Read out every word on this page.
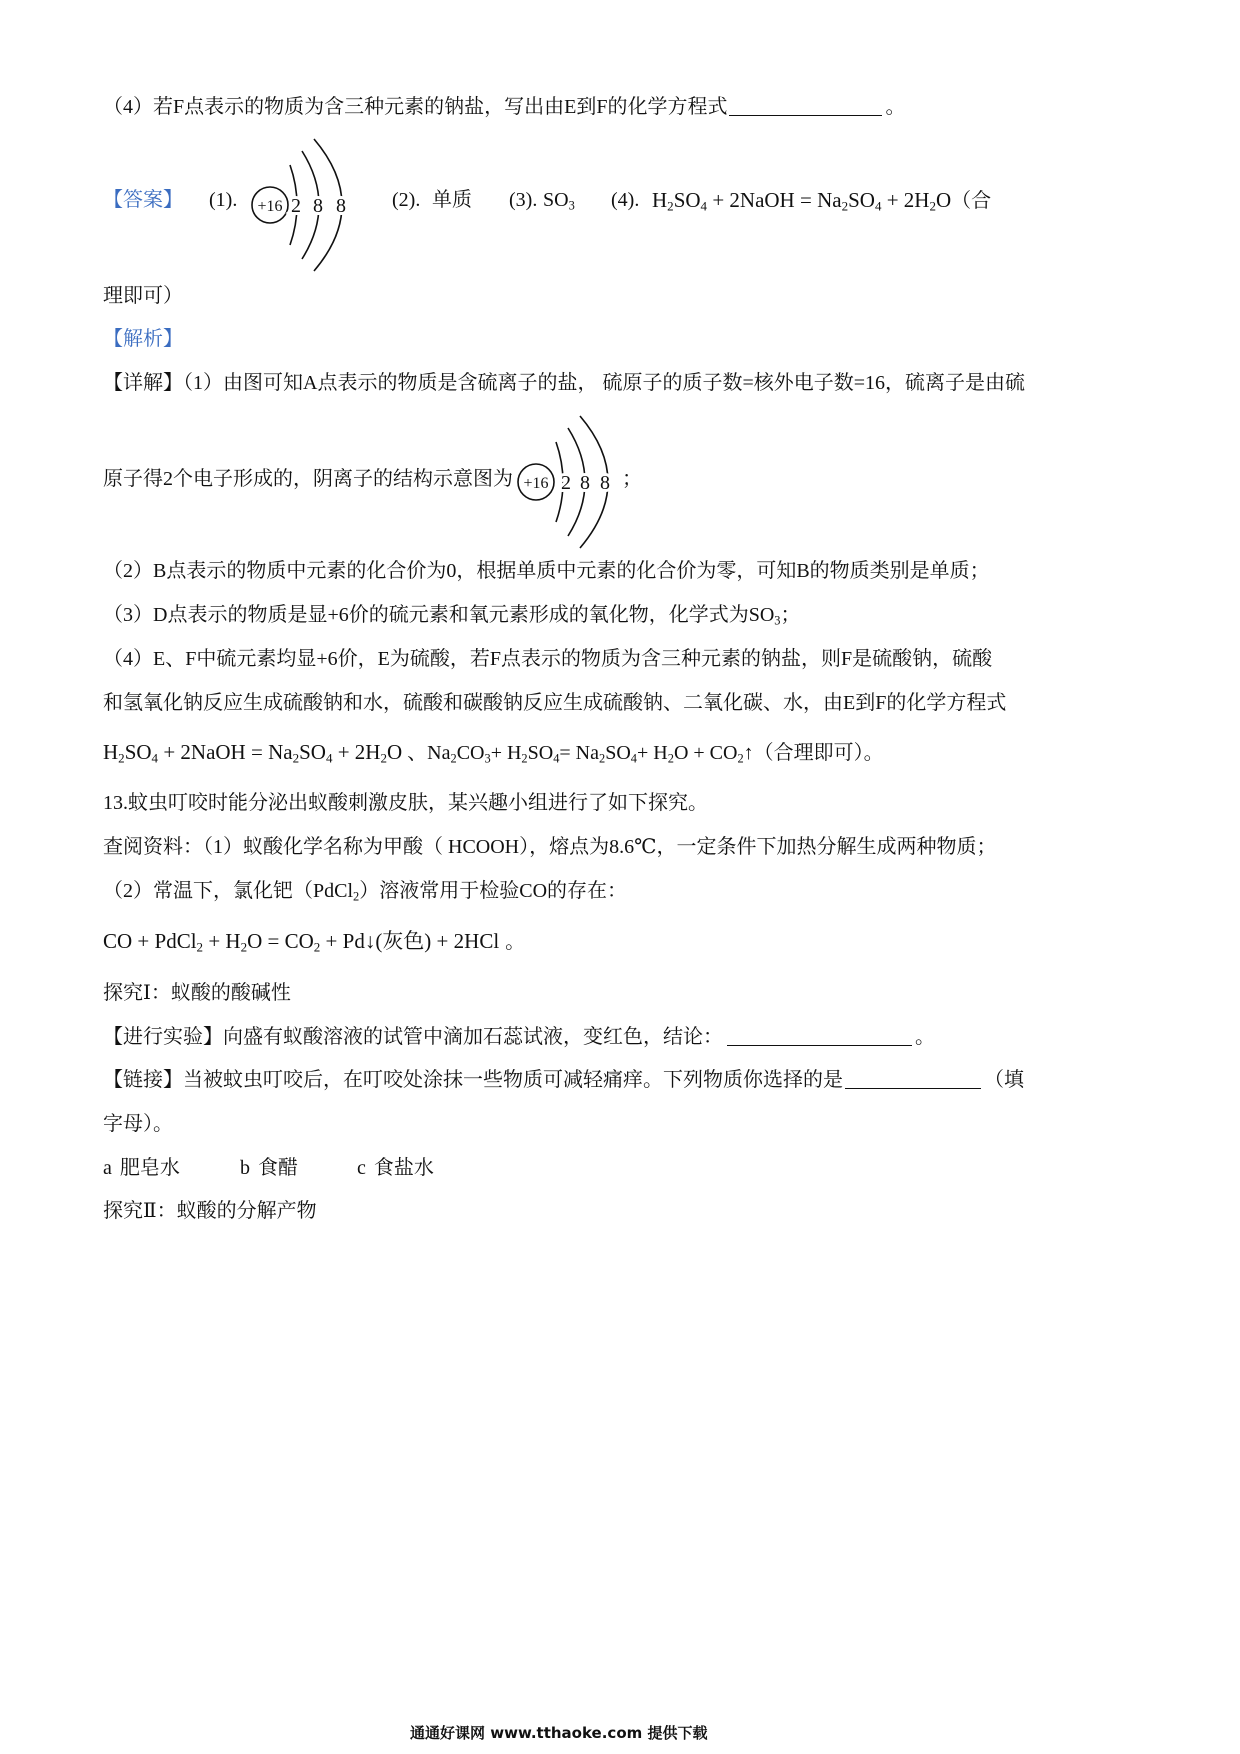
（4）若F点表示的物质为含三种元素的钠盐，写出由E到F的化学方程式	。
【答案】 (1).	(2). 单质 (3). $SO_3$ (4). $H_2SO_4$ + 2NaOH = $Na_2SO_4 + 2H_2O$（合
+16 2 8 8
理即可）
【解析】
【详解】（1）由图可知A点表示的物质是含硫离子的盐， 硫原子的质子数=核外电子数=16，硫离子是由硫
原子得2个电子形成的，阴离子的结构示意图为	；
+16 2 8 8
（2）B点表示的物质中元素的化合价为0，根据单质中元素的化合价为零，可知B的物质类别是单质；
（3）D点表示的物质是显+6价的硫元素和氧元素形成的氧化物，化学式为$SO_3$；
（4）E、F中硫元素均显+6价，E为硫酸，若F点表示的物质为含三种元素的钠盐，则F是硫酸钠，硫酸
和氢氧化钠反应生成硫酸钠和水，硫酸和碳酸钠反应生成硫酸钠、二氧化碳、水，由E到F的化学方程式
$H_2SO_4$ + 2NaOH = $Na_2SO_4 + 2H_2O$ 、$Na_2CO_3+ H_2SO_4= Na_2SO_4+ H_2O$ + $CO_2↑$（合理即可）。
13.蚊虫叮咬时能分泌出蚁酸刺激皮肤，某兴趣小组进行了如下探究。
查阅资料：（1）蚁酸化学名称为甲酸（ HCOOH），熔点为8.6℃，一定条件下加热分解生成两种物质；
（2）常温下，氯化钯（PdCl$_2$）溶液常用于检验CO的存在：
CO + PdCl$_2$ + $H_2O = CO_2$ + Pd↓(灰色) + 2HCl 。
探究Ⅰ：蚁酸的酸碱性
【进行实验】向盛有蚁酸溶液的试管中滴加石蕊试液，变红色，结论：	。
【链接】当被蚊虫叮咬后，在叮咬处涂抹一些物质可减轻痛痒。下列物质你选择的是	（填
字母）。
a 肥皂水	b 食醋	c 食盐水
探究Ⅱ：蚁酸的分解产物
通通好课网 www.tthaoke.com 提供下载
